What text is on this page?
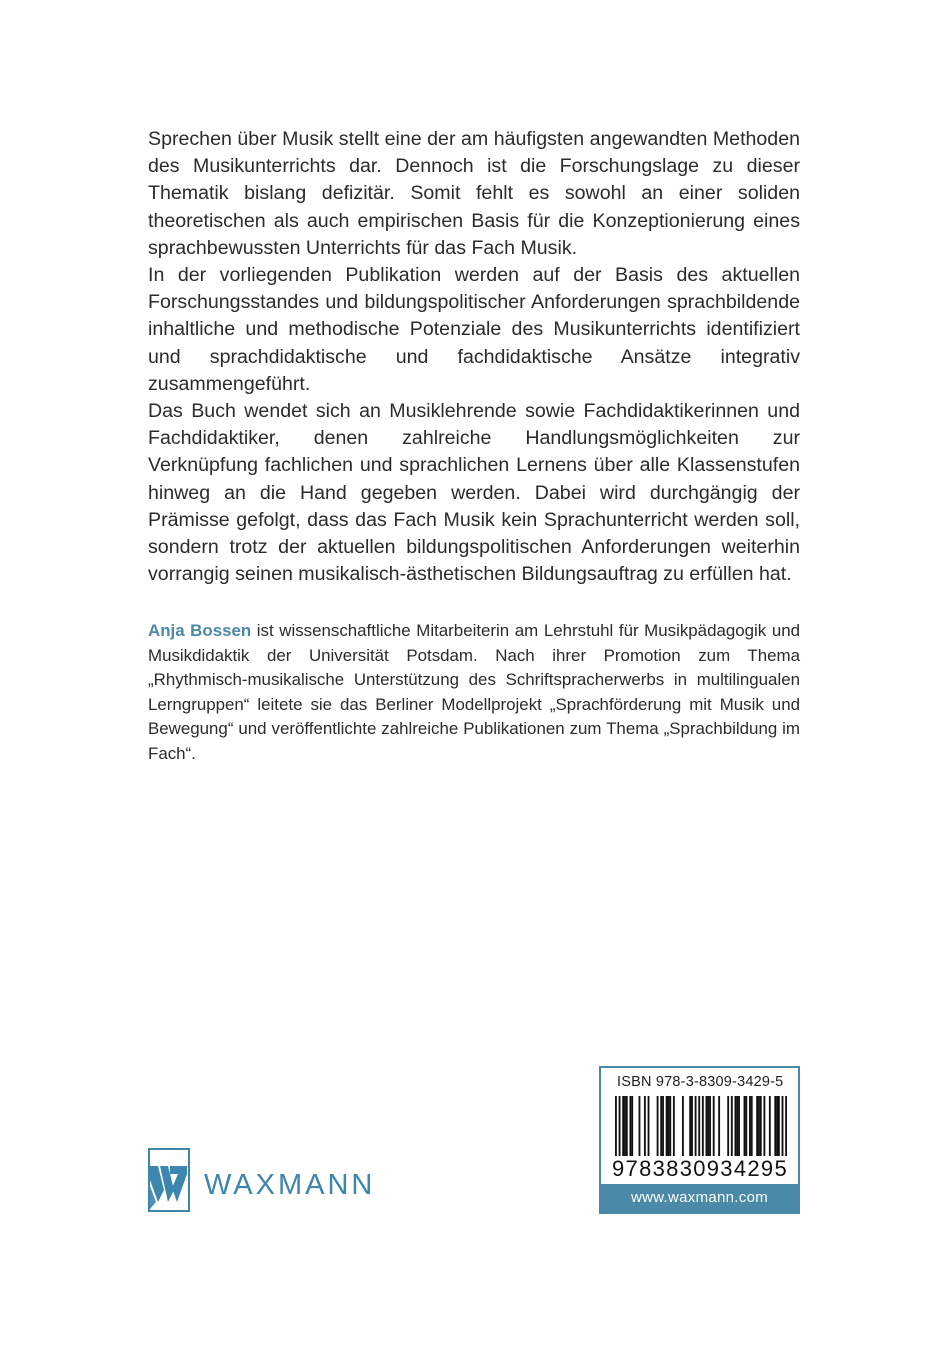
Sprechen über Musik stellt eine der am häufigsten angewandten Methoden des Musikunterrichts dar. Dennoch ist die Forschungslage zu dieser Thematik bislang defizitär. Somit fehlt es sowohl an einer soliden theoretischen als auch empirischen Basis für die Konzeptionierung eines sprachbewussten Unterrichts für das Fach Musik.

In der vorliegenden Publikation werden auf der Basis des aktuellen Forschungsstandes und bildungspolitischer Anforderungen sprachbildende inhaltliche und methodische Potenziale des Musikunterrichts identifiziert und sprachdidaktische und fachdidaktische Ansätze integrativ zusammengeführt.

Das Buch wendet sich an Musiklehrende sowie Fachdidaktikerinnen und Fachdidaktiker, denen zahlreiche Handlungsmöglichkeiten zur Verknüpfung fachlichen und sprachlichen Lernens über alle Klassenstufen hinweg an die Hand gegeben werden. Dabei wird durchgängig der Prämisse gefolgt, dass das Fach Musik kein Sprachunterricht werden soll, sondern trotz der aktuellen bildungspolitischen Anforderungen weiterhin vorrangig seinen musikalisch-ästhetischen Bildungsauftrag zu erfüllen hat.

Anja Bossen ist wissenschaftliche Mitarbeiterin am Lehrstuhl für Musikpädagogik und Musikdidaktik der Universität Potsdam. Nach ihrer Promotion zum Thema „Rhythmisch-musikalische Unterstützung des Schriftspracherwerbs in multilingualen Lerngruppen“ leitete sie das Berliner Modellprojekt „Sprachförderung mit Musik und Bewegung“ und veröffentlichte zahlreiche Publikationen zum Thema „Sprachbildung im Fach“.

WAXMANN
ISBN 978-3-8309-3429-5
9783830934295
www.waxmann.com
